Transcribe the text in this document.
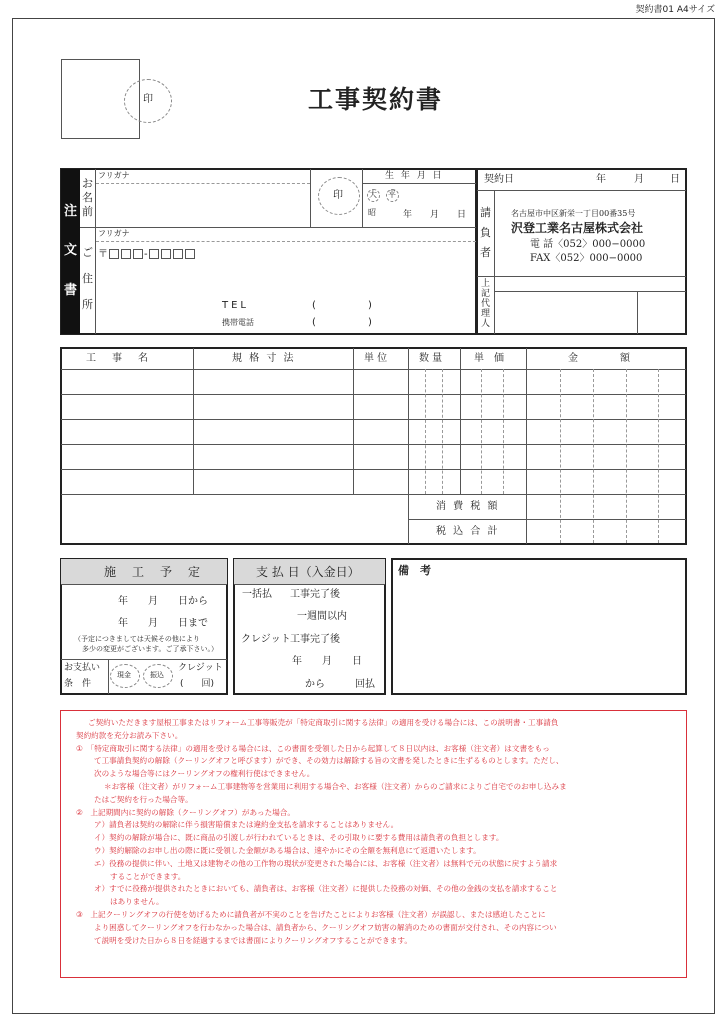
契約書01 A4サイズ
印	工事契約書
注
文
書
お
名
前
フリガナ
印
生 年 月 日
大 平
昭	年　　月　　日
フリガナ
ご
住
所
〒	-
TEL	(	)
携帯電話	(	)
契約日	年	月	日
請
負
者
名古屋市中区新栄一丁目00番35号
沢登工業名古屋株式会社
電 話〈052〉000−0000
FAX〈052〉000−0000
上
記
代
理
人
工　事　名	規 格 寸 法	単 位	数 量	単　価	金　　　額
消 費 税 額
税 込 合 計
施　工　予　定
年　　月　　日から
年　　月　　日まで
（予定につきましては天候その他により
多少の変更がございます。ご了承下さい。）
お支払い
条　件
現金	振込
クレジット
(　　回)
支 払 日（入金日）
一括払 工事完了後
一週間以内
クレジット 工事完了後
年　　月　　日
から　　　回払
備　考

ご契約いただきます屋根工事またはリフォーム工事等販売が「特定商取引に関する法律」の適用を受ける場合には、この説明書・工事請負

契約約款を充分お読み下さい。

①　「特定商取引に関する法律」の適用を受ける場合には、この書面を受領した日から起算して８日以内は、お客様（注文者）は文書をもっ

て工事請負契約の解除（クーリングオフと呼びます）ができ、その効力は解除する旨の文書を発したときに生ずるものとします。ただし、

次のような場合等にはクーリングオフの権利行使はできません。

＊お客様（注文者）がリフォーム工事建物等を営業用に利用する場合や、お客様（注文者）からのご請求によりご自宅でのお申し込みま

たはご契約を行った場合等。

②　上記期間内に契約の解除（クーリングオフ）があった場合。

ア）請負者は契約の解除に伴う損害賠償または違約金支払を請求することはありません。

イ）契約の解除が場合に、既に商品の引渡しが行われているときは、その引取りに要する費用は請負者の負担とします。

ウ）契約解除のお申し出の際に既に受領した金額がある場合は、速やかにその全額を無利息にて返還いたします。

エ）役務の提供に伴い、土地又は建物その他の工作物の現状が変更された場合には、お客様（注文者）は無料で元の状態に戻すよう請求

することができます。

オ）すでに役務が提供されたときにおいても、請負者は、お客様（注文者）に提供した役務の対価、その他の金銭の支払を請求すること

はありません。

③　上記クーリングオフの行使を妨げるために請負者が不実のことを告げたことによりお客様（注文者）が誤認し、または感迫したことに

より困惑してクーリングオフを行わなかった場合は、請負者から、クーリングオフ妨害の解消のための書面が交付され、その内容につい

て説明を受けた日から８日を経過するまでは書面によりクーリングオフすることができます。
